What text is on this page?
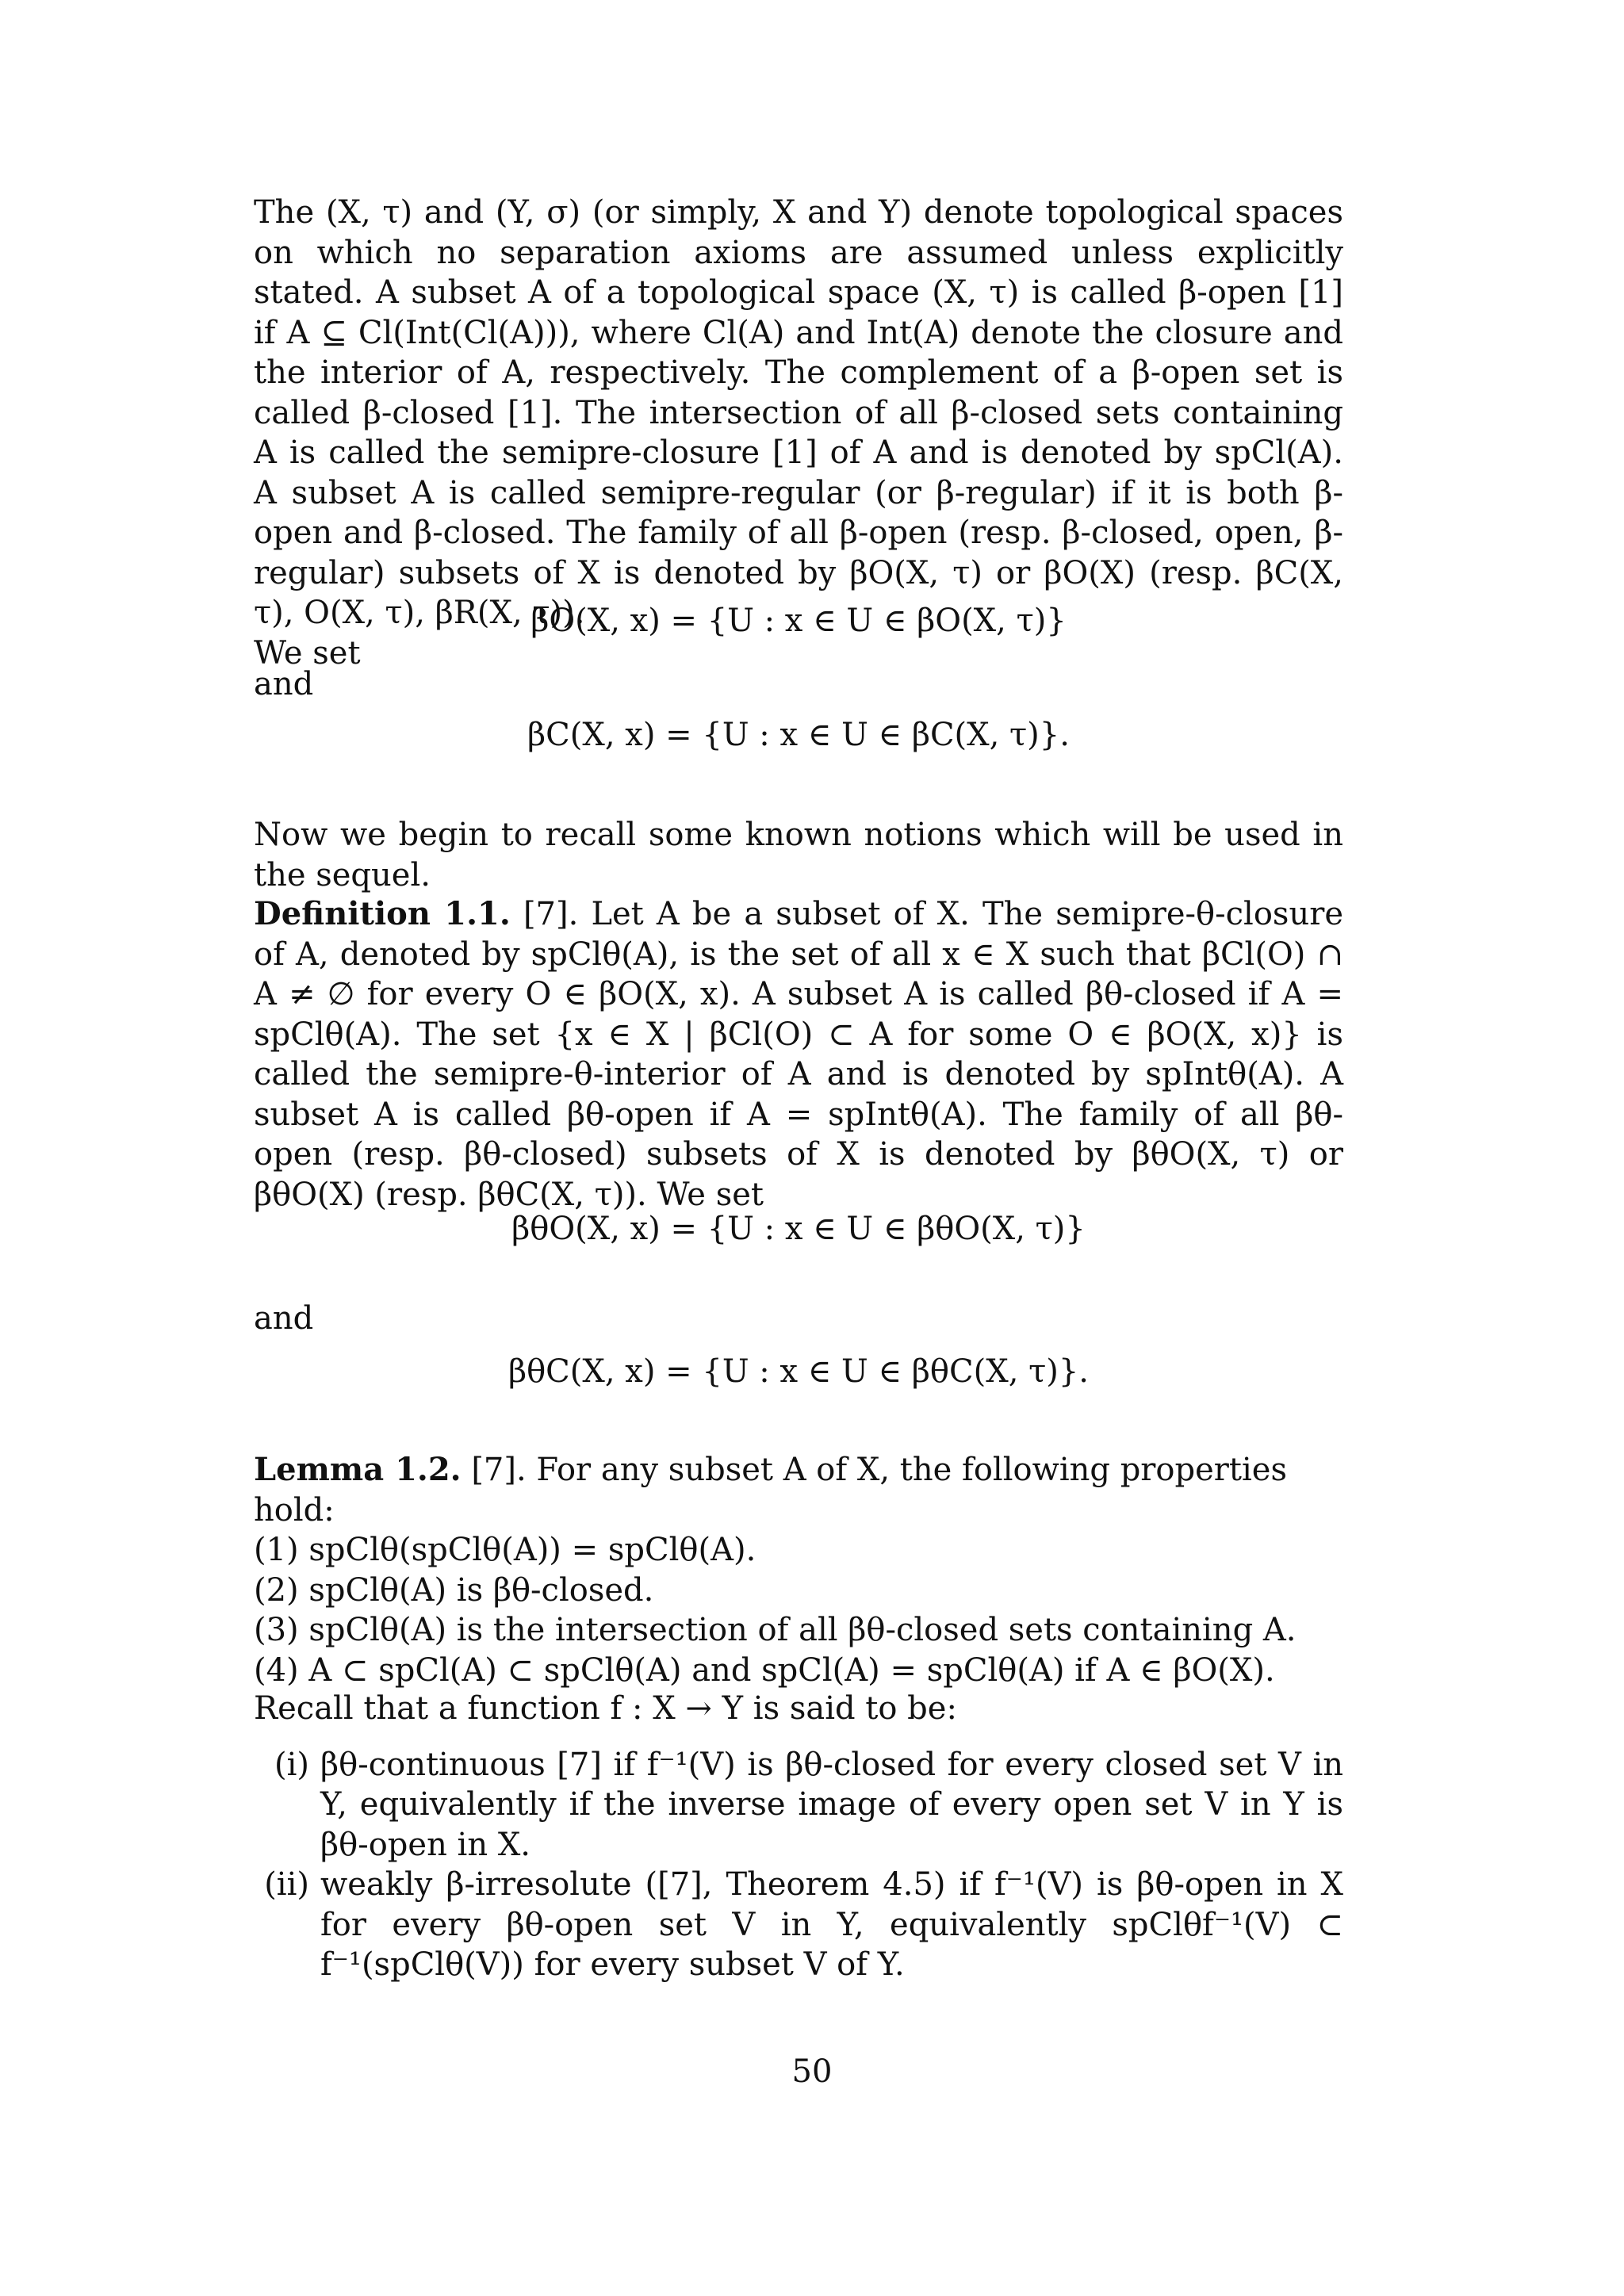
The (X, τ) and (Y, σ) (or simply, X and Y) denote topological spaces on which no separation axioms are assumed unless explicitly stated. A subset A of a topological space (X, τ) is called β-open [1] if A ⊆ Cl(Int(Cl(A))), where Cl(A) and Int(A) denote the closure and the interior of A, respectively. The complement of a β-open set is called β-closed [1]. The intersection of all β-closed sets containing A is called the semipre-closure [1] of A and is denoted by spCl(A). A subset A is called semipre-regular (or β-regular) if it is both β-open and β-closed. The family of all β-open (resp. β-closed, open, β-regular) subsets of X is denoted by βO(X, τ) or βO(X) (resp. βC(X, τ), O(X, τ), βR(X, τ)).

We set

βO(X, x) = {U : x ∈ U ∈ βO(X, τ)}

and

βC(X, x) = {U : x ∈ U ∈ βC(X, τ)}.

Now we begin to recall some known notions which will be used in the sequel.

Definition 1.1. [7]. Let A be a subset of X. The semipre-θ-closure of A, denoted by spClθ(A), is the set of all x ∈ X such that βCl(O) ∩ A ≠ ∅ for every O ∈ βO(X, x). A subset A is called βθ-closed if A = spClθ(A). The set {x ∈ X | βCl(O) ⊂ A for some O ∈ βO(X, x)} is called the semipre-θ-interior of A and is denoted by spIntθ(A). A subset A is called βθ-open if A = spIntθ(A). The family of all βθ-open (resp. βθ-closed) subsets of X is denoted by βθO(X, τ) or βθO(X) (resp. βθC(X, τ)). We set

βθO(X, x) = {U : x ∈ U ∈ βθO(X, τ)}

and

βθC(X, x) = {U : x ∈ U ∈ βθC(X, τ)}.

Lemma 1.2. [7]. For any subset A of X, the following properties hold:

(1) spClθ(spClθ(A)) = spClθ(A).

(2) spClθ(A) is βθ-closed.

(3) spClθ(A) is the intersection of all βθ-closed sets containing A.

(4) A ⊂ spCl(A) ⊂ spClθ(A) and spCl(A) = spClθ(A) if A ∈ βO(X).

Recall that a function f : X → Y is said to be:

(i) βθ-continuous [7] if f⁻¹(V) is βθ-closed for every closed set V in Y, equivalently if the inverse image of every open set V in Y is βθ-open in X.

(ii) weakly β-irresolute ([7], Theorem 4.5) if f⁻¹(V) is βθ-open in X for every βθ-open set V in Y, equivalently spClθf⁻¹(V) ⊂ f⁻¹(spClθ(V)) for every subset V of Y.

50
